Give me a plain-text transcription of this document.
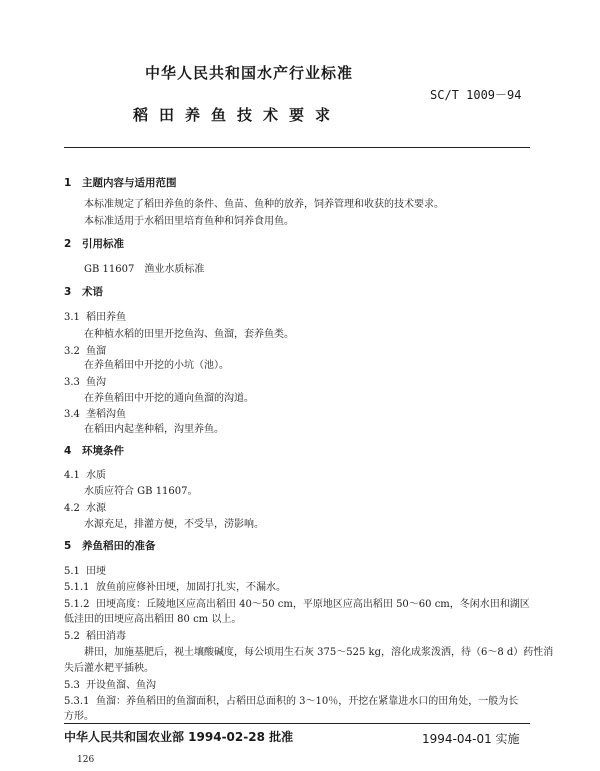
中华人民共和国水产行业标准
SC/T 1009－94
稻田养鱼技术要求
1 主题内容与适用范围
本标准规定了稻田养鱼的条件、鱼苗、鱼种的放养，饲养管理和收获的技术要求。
本标准适用于水稻田里培育鱼种和饲养食用鱼。
2 引用标准
GB 11607　渔业水质标准
3 术语
3.1 稻田养鱼
在种植水稻的田里开挖鱼沟、鱼溜，套养鱼类。
3.2 鱼溜
在养鱼稻田中开挖的小坑（池）。
3.3 鱼沟
在养鱼稻田中开挖的通向鱼溜的沟道。
3.4 垄稻沟鱼
在稻田内起垄种稻，沟里养鱼。
4 环境条件
4.1 水质
水质应符合 GB 11607。
4.2 水源
水源充足，排灌方便，不受旱，涝影响。
5 养鱼稻田的准备
5.1 田埂
5.1.1 放鱼前应修补田埂，加固打扎实，不漏水。
5.1.2 田埂高度：丘陵地区应高出稻田 40～50 cm，平原地区应高出稻田 50～60 cm，冬闲水田和湖区
低洼田的田埂应高出稻田 80 cm 以上。
5.2 稻田消毒
耕田，加施基肥后，视土壤酸碱度，每公顷用生石灰 375～525 kg，溶化成浆泼洒，待（6～8 d）药性消
失后灌水耙平插秧。
5.3 开设鱼溜、鱼沟
5.3.1 鱼溜：养鱼稻田的鱼溜面积，占稻田总面积的 3～10％，开挖在紧靠进水口的田角处，一般为长
方形。
中华人民共和国农业部 1994-02-28 批准	1994-04-01 实施
126
